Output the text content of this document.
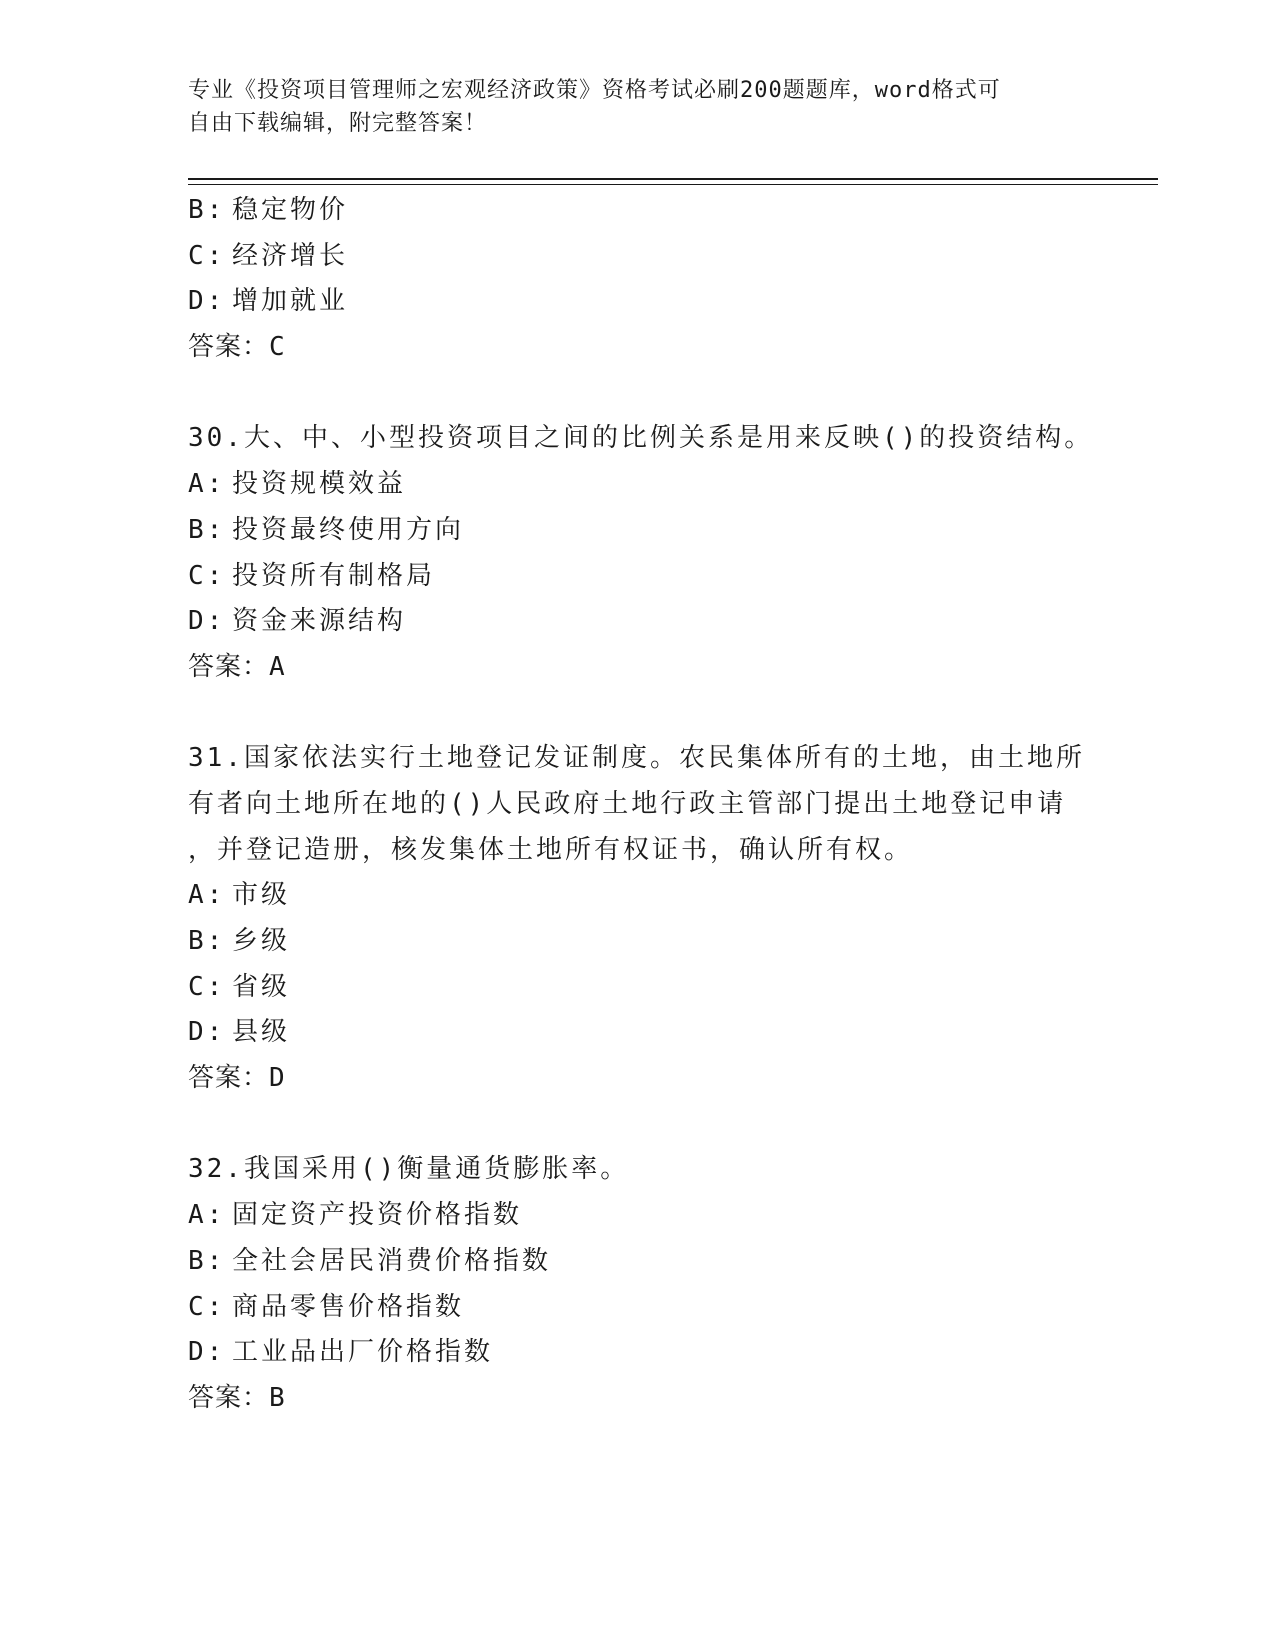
专业《投资项目管理师之宏观经济政策》资格考试必刷200题题库，word格式可
自由下载编辑，附完整答案！
B: 稳定物价
C: 经济增长
D: 增加就业
答案：C
30.大、中、小型投资项目之间的比例关系是用来反映()的投资结构。
A: 投资规模效益
B: 投资最终使用方向
C: 投资所有制格局
D: 资金来源结构
答案：A
31.国家依法实行土地登记发证制度。农民集体所有的土地，由土地所
有者向土地所在地的()人民政府土地行政主管部门提出土地登记申请
，并登记造册，核发集体土地所有权证书，确认所有权。
A: 市级
B: 乡级
C: 省级
D: 县级
答案：D
32.我国采用()衡量通货膨胀率。
A: 固定资产投资价格指数
B: 全社会居民消费价格指数
C: 商品零售价格指数
D: 工业品出厂价格指数
答案：B
